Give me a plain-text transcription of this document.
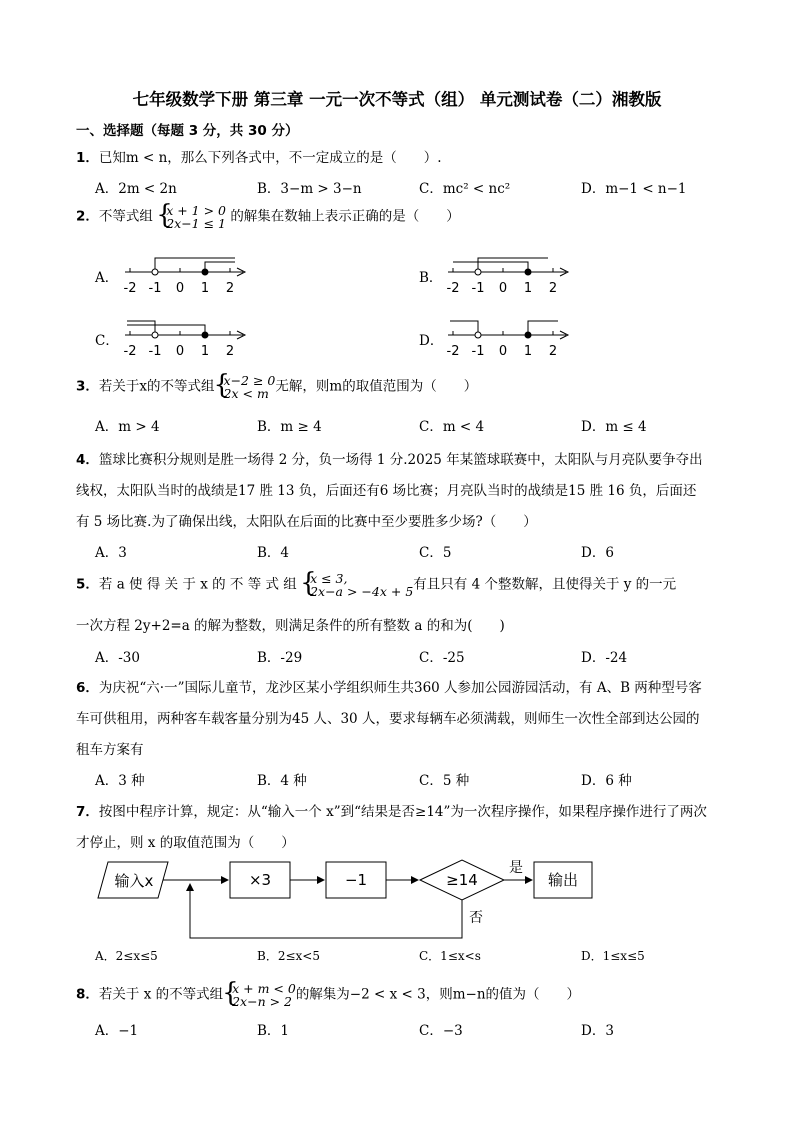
七年级数学下册 第三章 一元一次不等式（组） 单元测试卷（二）湘教版
一、选择题（每题 3 分，共 30 分）
1．已知m < n，那么下列各式中，不一定成立的是（　　）.
A．2m < 2n	B．3−m > 3−n	C．mc² < nc²	D．m−1 < n−1
2．不等式组 { x + 1 > 0
2x−1 ≤ 1 的解集在数轴上表示正确的是（　　）
A．	B．
C．	D．
-2 -1 0 1 2	-2 -1 0 1 2
-2 -1 0 1 2	-2 -1 0 1 2
3．若关于x的不等式组 { x−2 ≥ 0
2x < m 无解，则m的取值范围为（　　）
A．m > 4	B．m ≥ 4	C．m < 4	D．m ≤ 4
4．篮球比赛积分规则是胜一场得 2 分，负一场得 1 分.2025 年某篮球联赛中，太阳队与月亮队要争夺出
线权，太阳队当时的战绩是17 胜 13 负，后面还有6 场比赛；月亮队当时的战绩是15 胜 16 负，后面还
有 5 场比赛.为了确保出线，太阳队在后面的比赛中至少要胜多少场?（　　）
A．3	B．4	C．5	D．6
5．若 a 使 得 关 于 x 的 不 等 式 组 { x ≤ 3,
2x−a > −4x + 5 有且只有 4 个整数解，且使得关于 y 的一元
一次方程 2y+2=a 的解为整数，则满足条件的所有整数 a 的和为(　　)
A．-30	B．-29	C．-25	D．-24
6．为庆祝“六·一”国际儿童节，龙沙区某小学组织师生共360 人参加公园游园活动，有 A、B 两种型号客
车可供租用，两种客车载客量分别为45 人、30 人，要求每辆车必须满载，则师生一次性全部到达公园的
租车方案有
A．3 种	B．4 种	C．5 种	D．6 种
7．按图中程序计算，规定：从“输入一个 x”到“结果是否≥14”为一次程序操作，如果程序操作进行了两次
才停止，则 x 的取值范围为（　　）
输入x	×3	−1	≥14
是
输出
否
A．2≤x≤5	B．2≤x<5	C．1≤x<s	D．1≤x≤5
8．若关于 x 的不等式组 { x + m < 0
2x−n > 2 的解集为−2 < x < 3，则m−n的值为（　　）
A．−1	B．1	C．−3	D．3
